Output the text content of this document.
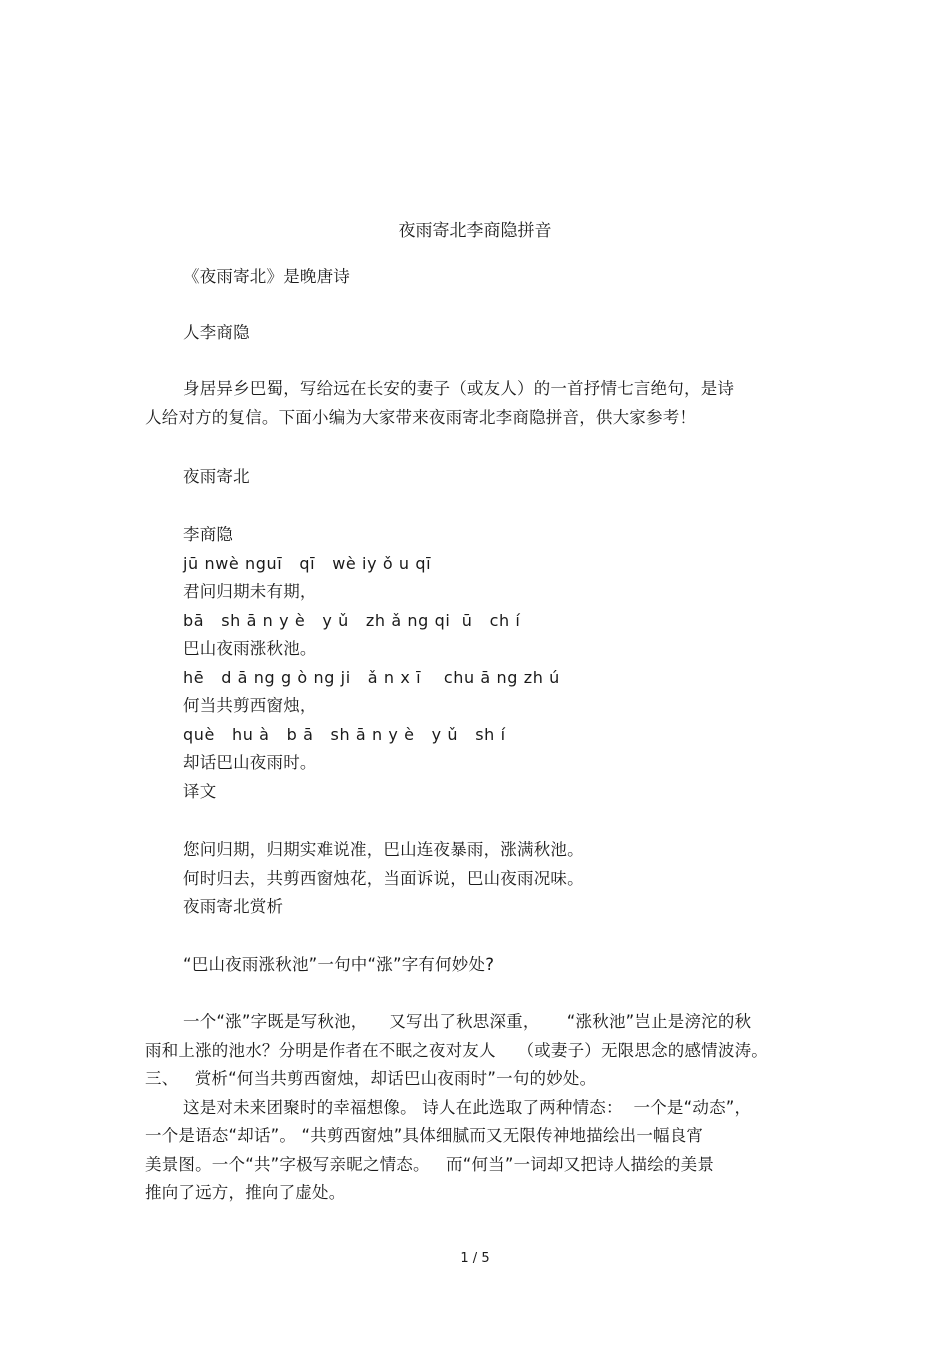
夜雨寄北李商隐拼音
《夜雨寄北》是晚唐诗
人李商隐
身居异乡巴蜀，写给远在长安的妻子（或友人）的一首抒情七言绝句，是诗
人给对方的复信。下面小编为大家带来夜雨寄北李商隐拼音，供大家参考！
夜雨寄北
李商隐
jū nwè nguī   qī   wè iy ǒ u qī
君问归期未有期，
bā   sh ā n y è   y ǔ   zh ǎ ng qi  ū   ch í
巴山夜雨涨秋池。
hē   d ā ng g ò ng ji   ǎ n x ī    chu ā ng zh ú
何当共剪西窗烛，
què   hu à   b ā   sh ā n y è   y ǔ   sh í
却话巴山夜雨时。
译文
您问归期，归期实难说准，巴山连夜暴雨，涨满秋池。
何时归去，共剪西窗烛花，当面诉说，巴山夜雨况味。
夜雨寄北赏析
“巴山夜雨涨秋池”一句中“涨”字有何妙处?
一个“涨”字既是写秋池，    又写出了秋思深重，     “涨秋池”岂止是滂沱的秋
雨和上涨的池水？分明是作者在不眠之夜对友人    （或妻子）无限思念的感情波涛。
三、   赏析“何当共剪西窗烛，却话巴山夜雨时”一句的妙处。
这是对未来团聚时的幸福想像。 诗人在此选取了两种情态：  一个是“动态”，
一个是语态“却话”。 “共剪西窗烛”具体细腻而又无限传神地描绘出一幅良宵
美景图。一个“共”字极写亲昵之情态。   而“何当”一词却又把诗人描绘的美景
推向了远方，推向了虚处。
1 / 5
